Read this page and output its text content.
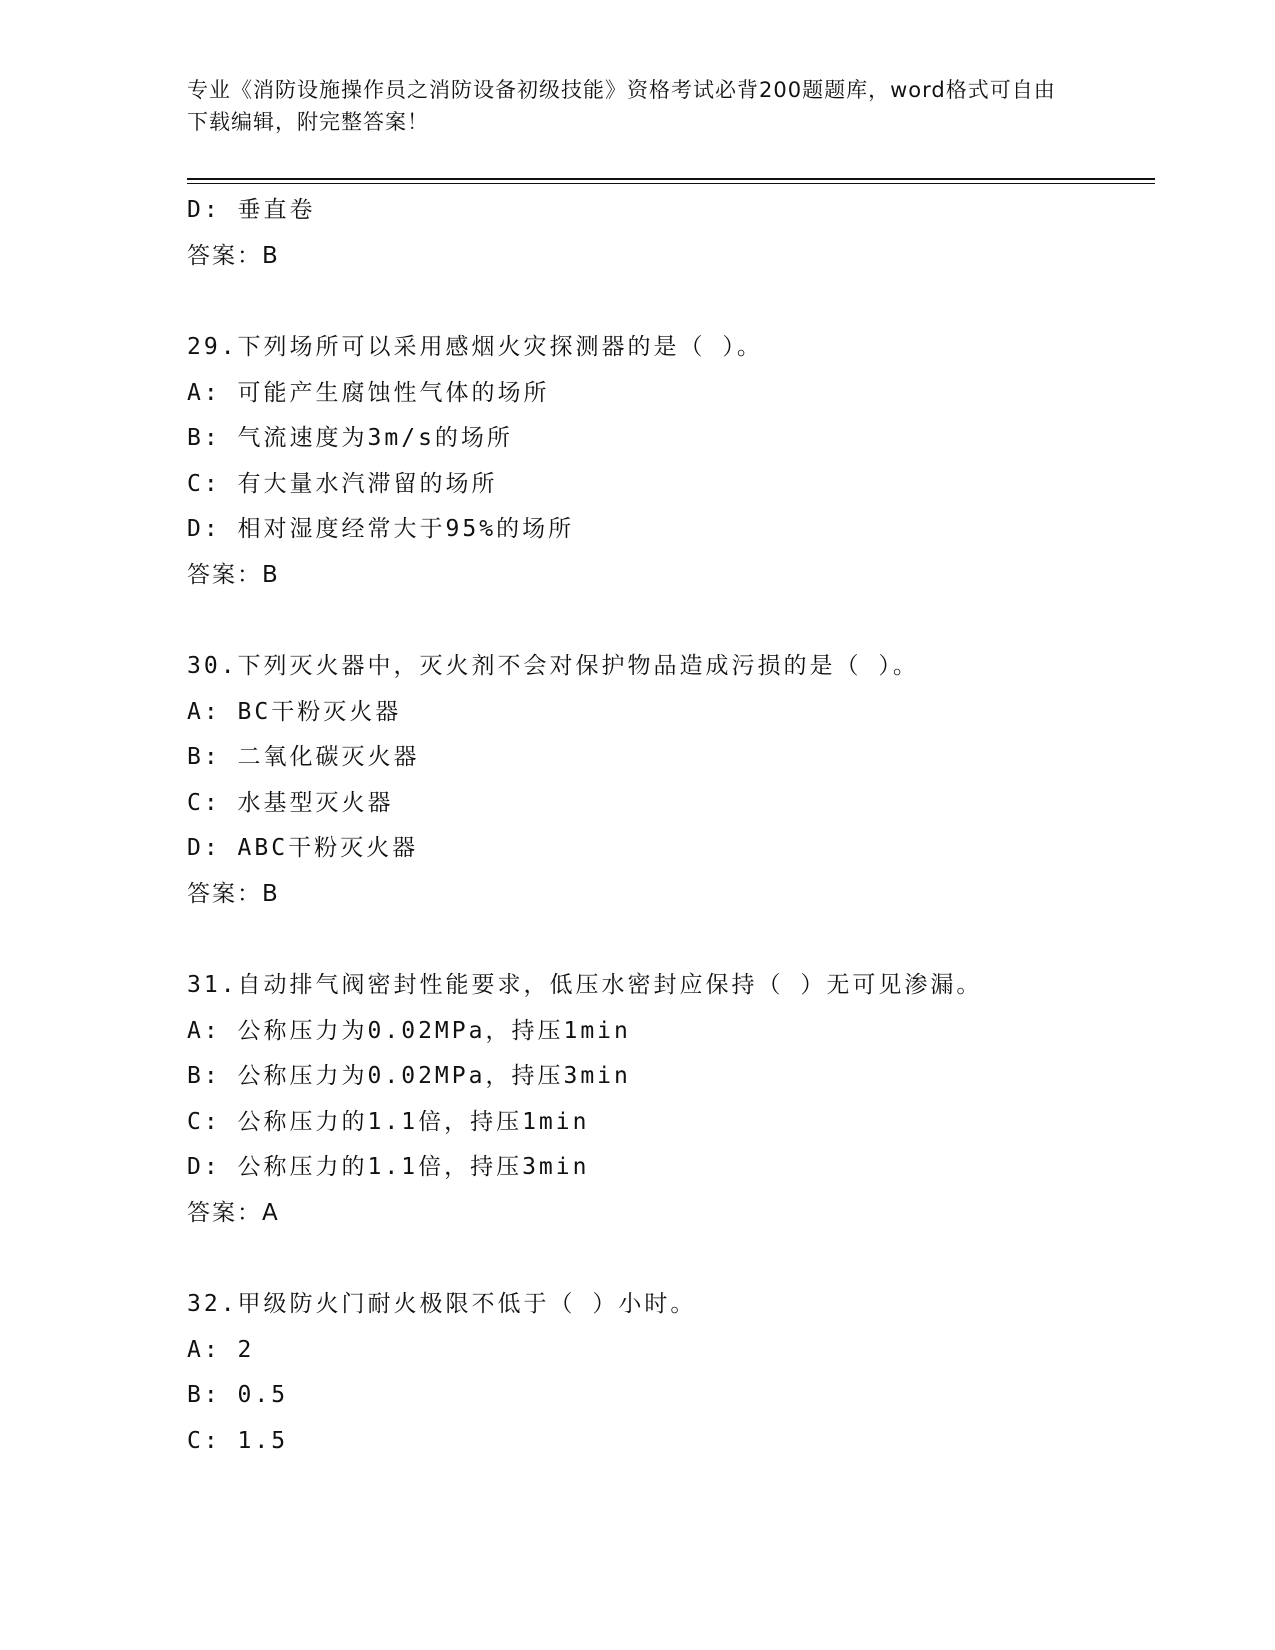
专业《消防设施操作员之消防设备初级技能》资格考试必背200题题库，word格式可自由下载编辑，附完整答案！
D: 垂直卷
答案：B
29.下列场所可以采用感烟火灾探测器的是（ ）。
A: 可能产生腐蚀性气体的场所
B: 气流速度为3m/s的场所
C: 有大量水汽滞留的场所
D: 相对湿度经常大于95%的场所
答案：B
30.下列灭火器中，灭火剂不会对保护物品造成污损的是（ ）。
A: BC干粉灭火器
B: 二氧化碳灭火器
C: 水基型灭火器
D: ABC干粉灭火器
答案：B
31.自动排气阀密封性能要求，低压水密封应保持（ ）无可见渗漏。
A: 公称压力为0.02MPa，持压1min
B: 公称压力为0.02MPa，持压3min
C: 公称压力的1.1倍，持压1min
D: 公称压力的1.1倍，持压3min
答案：A
32.甲级防火门耐火极限不低于（ ）小时。
A: 2
B: 0.5
C: 1.5
